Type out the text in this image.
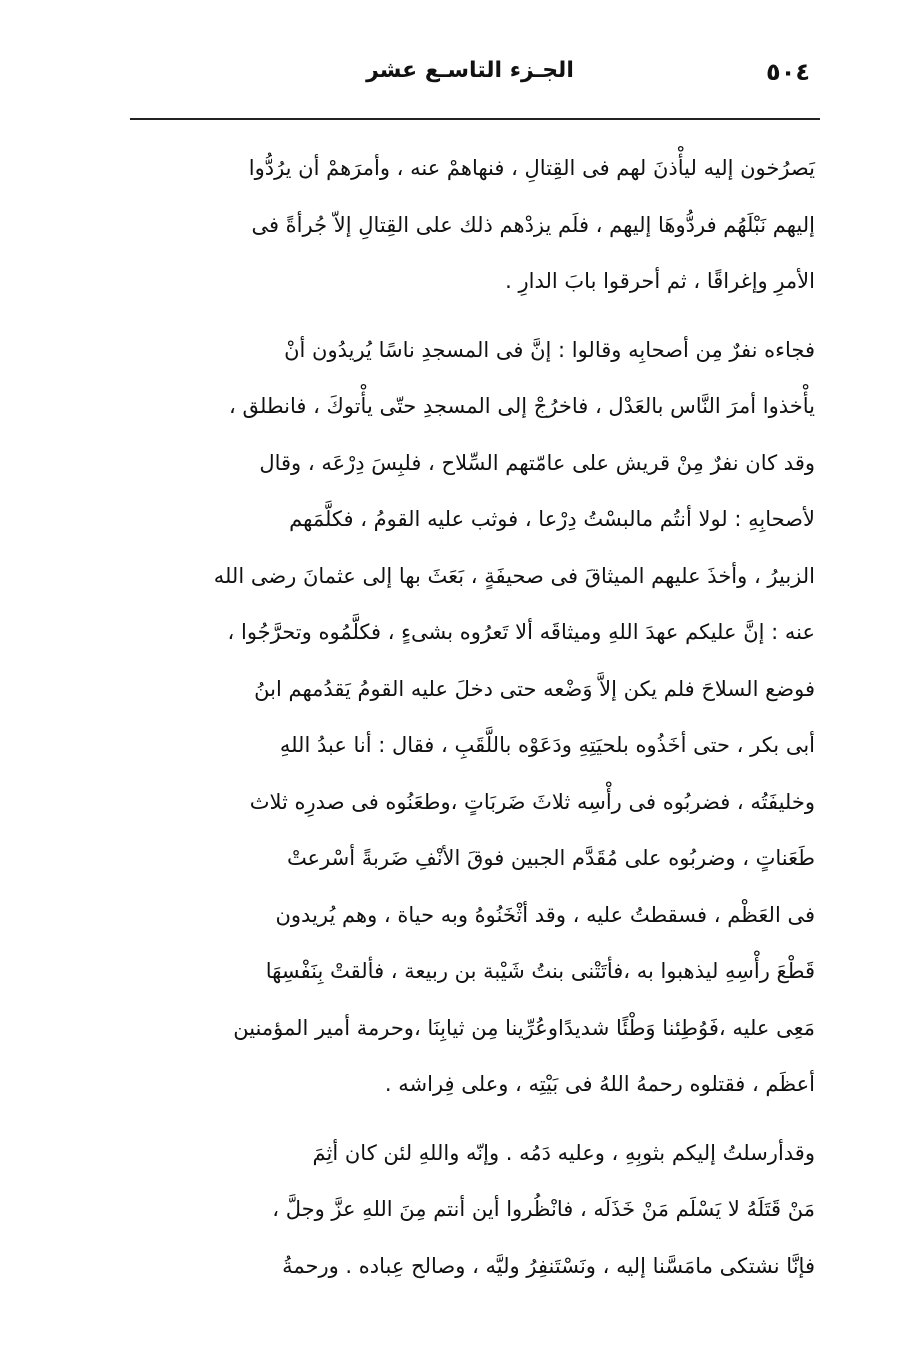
٥٠٤
الجـزء التاسـع عشر

يَصرُخون إليه ليأْذنَ لهم فى القِتالِ ، فنهاهمْ عنه ، وأمرَهمْ أن يرُدُّوا
إليهم نَبْلَهُم فردُّوهَا إليهم ، فلَم يزدْهم ذلك على القِتالِ إلاّ جُرأةً فى
الأمرِ وإغراقًا ، ثم أحرقوا بابَ الدارِ .

فجاءه نفرٌ مِن أصحابِه وقالوا : إنَّ فى المسجدِ ناسًا يُريدُون أنْ
يأْخذوا أمرَ النَّاس بالعَدْل ، فاخرُجْ إلى المسجدِ حتّى يأْتوكَ ، فانطلق ،
وقد كان نفرٌ مِنْ قريش على عامّتهم السِّلاح ، فلبِسَ دِرْعَه ، وقال
لأصحابِهِ : لولا أنتُم مالبسْتُ دِرْعا ، فوثب عليه القومُ ، فكلَّمَهم
الزبيرُ ، وأخذَ عليهم الميثاقَ فى صحيفَةٍ ، بَعَثَ بها إلى عثمانَ رضى الله
عنه : إنَّ عليكم عهدَ اللهِ وميثاقَه ألا تَعرُوه بشىءٍ ، فكلَّمُوه وتحرَّجُوا ،
فوضع السلاحَ فلم يكن إلاَّ وَضْعه حتى دخلَ عليه القومُ يَقدُمهم ابنُ
أبى بكر ، حتى أخَذُوه بلحيَتِهِ ودَعَوْه باللَّقَبِ ، فقال : أنا عبدُ اللهِ
وخليفَتُه ، فضربُوه فى رأْسِه ثلاثَ ضَربَاتٍ ،وطعَنُوه فى صدرِه ثلاث
طَعَناتٍ ، وضربُوه على مُقَدَّم الجبين فوقَ الأنْفِ ضَربةً أسْرعتْ
فى العَظْم ، فسقطتُ عليه ، وقد أثْخَنُوهُ وبه حياة ، وهم يُريدون
قَطْعَ رأْسِهِ ليذهبوا به ،فأتَتْنى بنتُ شَيْبة بن ربيعة ، فألقتْ بِنَفْسِهَا
مَعِى عليه ،فَوُطِئنا وَطْئًا شديدًاوعُرِّينا مِن ثيابِنَا ،وحرمة أمير المؤمنين
أعظَم ، فقتلوه رحمهُ اللهُ فى بَيْتِه ، وعلى فِراشه .

وقدأرسلتُ إليكم بثوبِهِ ، وعليه دَمُه . وإنّه واللهِ لئن كان أثِمَ
مَنْ قَتَلَهُ لا يَسْلَم مَنْ خَذَلَه ، فانْظُروا أين أنتم مِنَ اللهِ عزَّ وجلَّ ،
فإنَّا نشتكى مامَسَّنا إليه ، ونَسْتَنفِرُ وليَّه ، وصالح عِباده . ورحمةُ
